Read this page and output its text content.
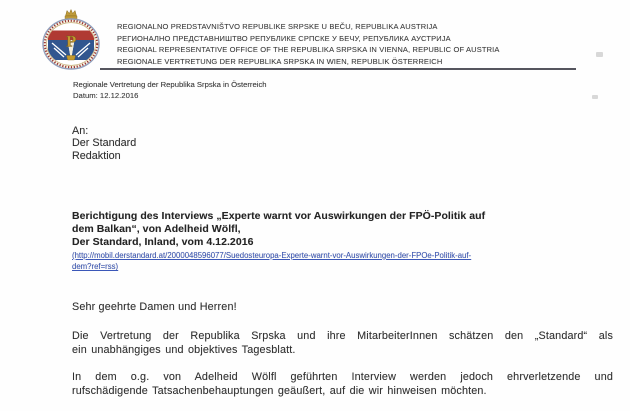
Р
REGIONALNO PREDSTAVNIŠTVO REPUBLIKE SRPSKE U BEČU, REPUBLIKA AUSTRIJA
РЕГИОНАЛНО ПРЕДСТАВНИШТВО РЕПУБЛИКЕ СРПСКЕ У БЕЧУ, РЕПУБЛИКА АУСТРИЈА
REGIONAL REPRESENTATIVE OFFICE OF THE REPUBLIKA SRPSKA IN VIENNA, REPUBLIC OF AUSTRIA
REGIONALE VERTRETUNG DER REPUBLIKA SRPSKA IN WIEN, REPUBLIK ÖSTERREICH
Regionale Vertretung der Republika Srpska in Österreich
Datum: 12.12.2016
An:
Der Standard
Redaktion
Berichtigung des Interviews „Experte warnt vor Auswirkungen der FPÖ-Politik auf
dem Balkan“, von Adelheid Wölfl,
Der Standard, Inland, vom 4.12.2016
(http://mobil.derstandard.at/2000048596077/Suedosteuropa-Experte-warnt-vor-Auswirkungen-der-FPOe-Politik-auf-
dem?ref=rss)
Sehr geehrte Damen und Herren!
Die Vertretung der Republika Srpska und ihre MitarbeiterInnen schätzen den „Standard“ als
ein unabhängiges und objektives Tagesblatt.
In dem o.g. von Adelheid Wölfl geführten Interview werden jedoch ehrverletzende und
rufschädigende Tatsachenbehauptungen geäußert, auf die wir hinweisen möchten.
